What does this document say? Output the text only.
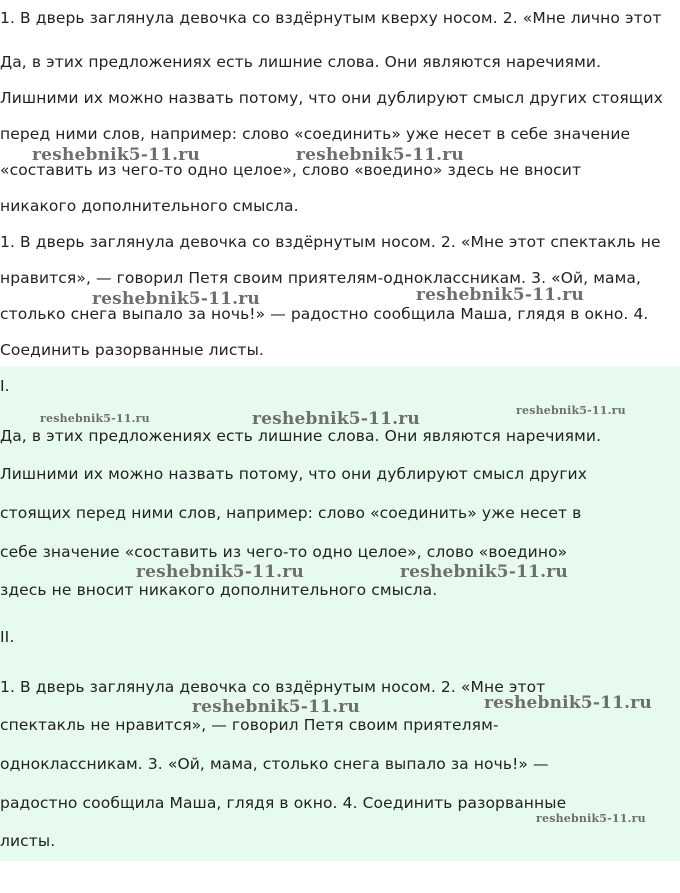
1. В дверь заглянула девочка со вздёрнутым кверху носом. 2. «Мне лично этот
Да, в этих предложениях есть лишние слова. Они являются наречиями.
Лишними их можно назвать потому, что они дублируют смысл других стоящих
перед ними слов, например: слово «соединить» уже несет в себе значение
«составить из чего-то одно целое», слово «воедино» здесь не вносит
никакого дополнительного смысла.
1. В дверь заглянула девочка со вздёрнутым носом. 2. «Мне этот спектакль не
нравится», — говорил Петя своим приятелям-одноклассникам. 3. «Ой, мама,
столько снега выпало за ночь!» — радостно сообщила Маша, глядя в окно. 4.
Соединить разорванные листы.
I.
Да, в этих предложениях есть лишние слова. Они являются наречиями.
Лишними их можно назвать потому, что они дублируют смысл других
стоящих перед ними слов, например: слово «соединить» уже несет в
себе значение «составить из чего-то одно целое», слово «воедино»
здесь не вносит никакого дополнительного смысла.
II.
1. В дверь заглянула девочка со вздёрнутым носом. 2. «Мне этот
спектакль не нравится», — говорил Петя своим приятелям-
одноклассникам. 3. «Ой, мама, столько снега выпало за ночь!» —
радостно сообщила Маша, глядя в окно. 4. Соединить разорванные
листы.
reshebnik5-11.ru	reshebnik5-11.ru
reshebnik5-11.ru	reshebnik5-11.ru
reshebnik5-11.ru	reshebnik5-11.ru	reshebnik5-11.ru
reshebnik5-11.ru	reshebnik5-11.ru
reshebnik5-11.ru
reshebnik5-11.ru
reshebnik5-11.ru
